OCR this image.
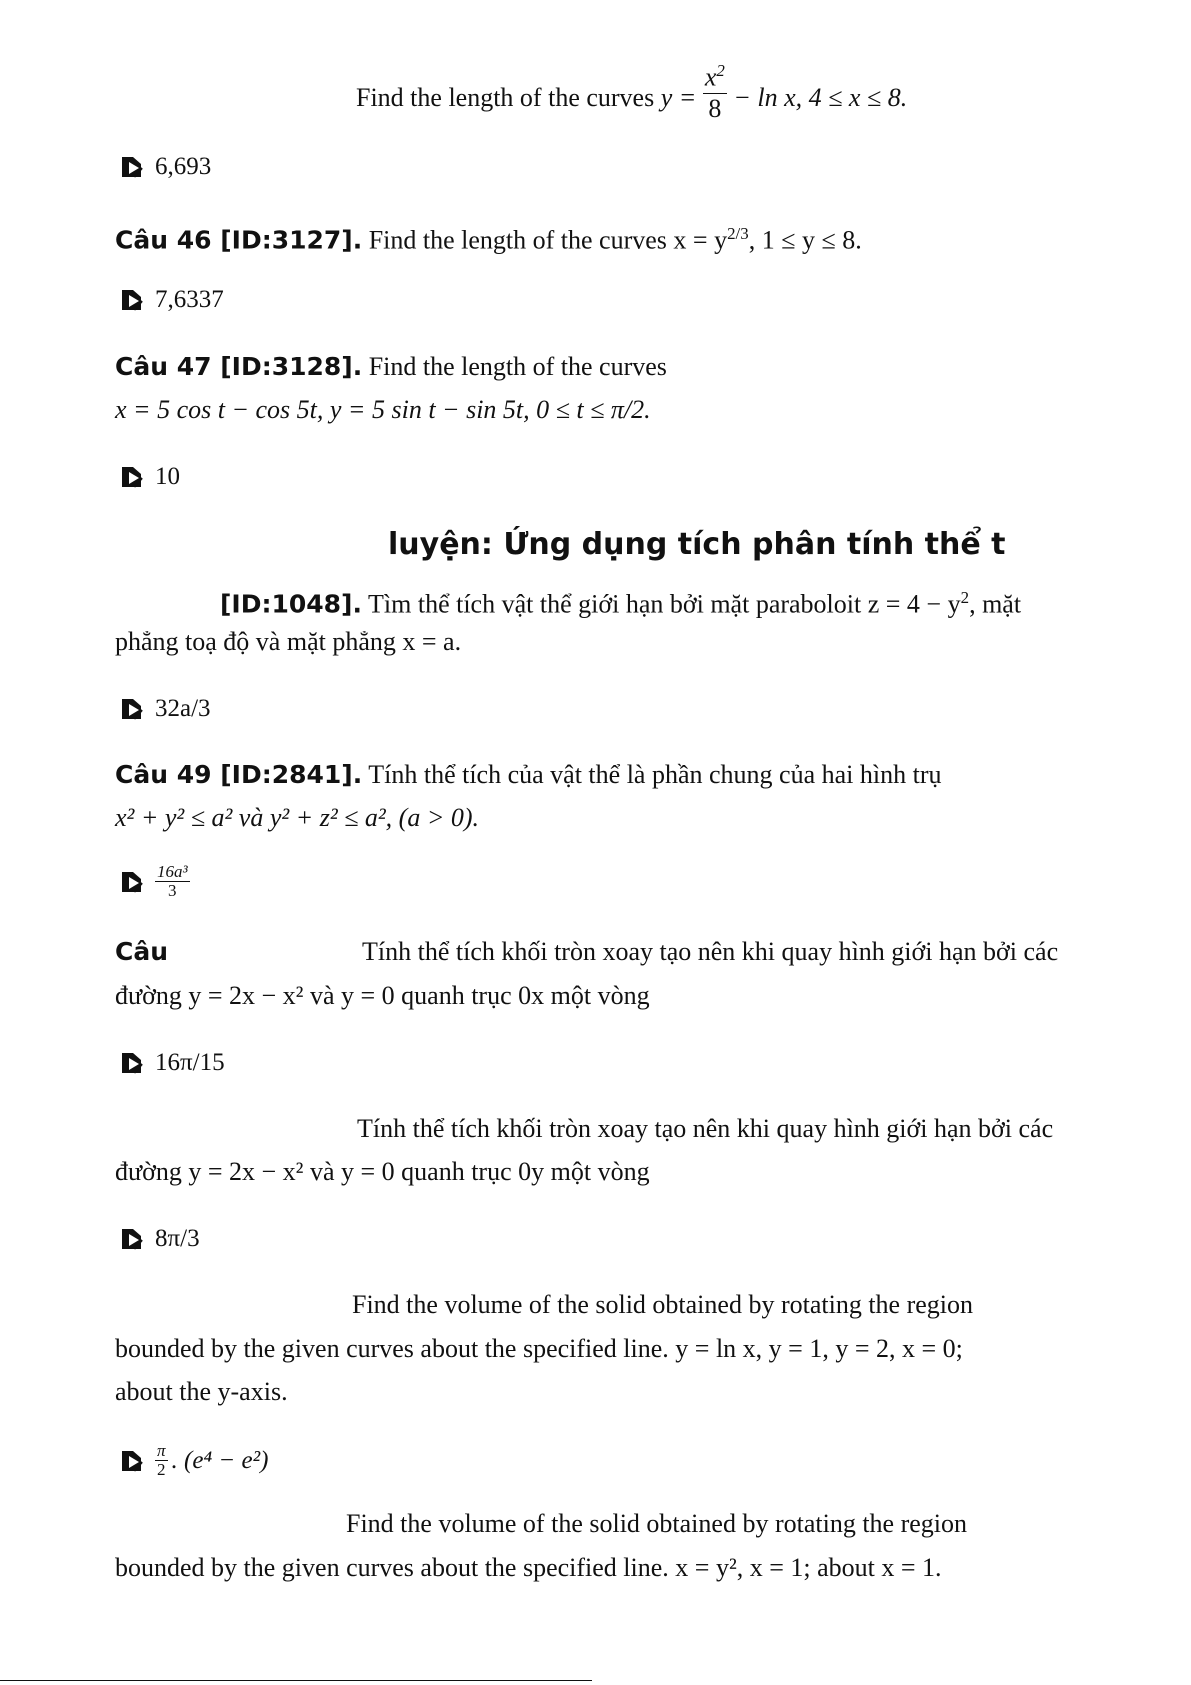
Find the length of the curves $y = \frac{x^2}{8} - \ln x$, 4 ≤ x ≤ 8.
6,693
Câu 46 [ID:3127]. Find the length of the curves $x = y^{2/3}$, 1 ≤ y ≤ 8.
7,6337
Câu 47 [ID:3128]. Find the length of the curves
x = 5 cos t − cos 5t, y = 5 sin t − sin 5t, 0 ≤ t ≤ π/2.
10
luyện: Ứng dụng tích phân tính thể t
[ID:1048]. Tìm thể tích vật thể giới hạn bởi mặt paraboloit $z = 4 - y^2$, mặt
phẳng toạ độ và mặt phẳng x = a.
32a/3
Câu 49 [ID:2841]. Tính thể tích của vật thể là phần chung của hai hình trụ
x² + y² ≤ a² và y² + z² ≤ a², (a > 0).
$\frac{\text{16a³}}{3}$
Câu	Tính thể tích khối tròn xoay tạo nên khi quay hình giới hạn bởi các
đường y = 2x − x² và y = 0 quanh trục 0x một vòng
16π/15
Tính thể tích khối tròn xoay tạo nên khi quay hình giới hạn bởi các
đường y = 2x − x² và y = 0 quanh trục 0y một vòng
8π/3
Find the volume of the solid obtained by rotating the region
bounded by the given curves about the specified line. y = ln x, y = 1, y = 2, x = 0;
about the y-axis.
$\frac{\pi}{2}$ . (e⁴ − e²)
Find the volume of the solid obtained by rotating the region
bounded by the given curves about the specified line. x = y², x = 1; about x = 1.
